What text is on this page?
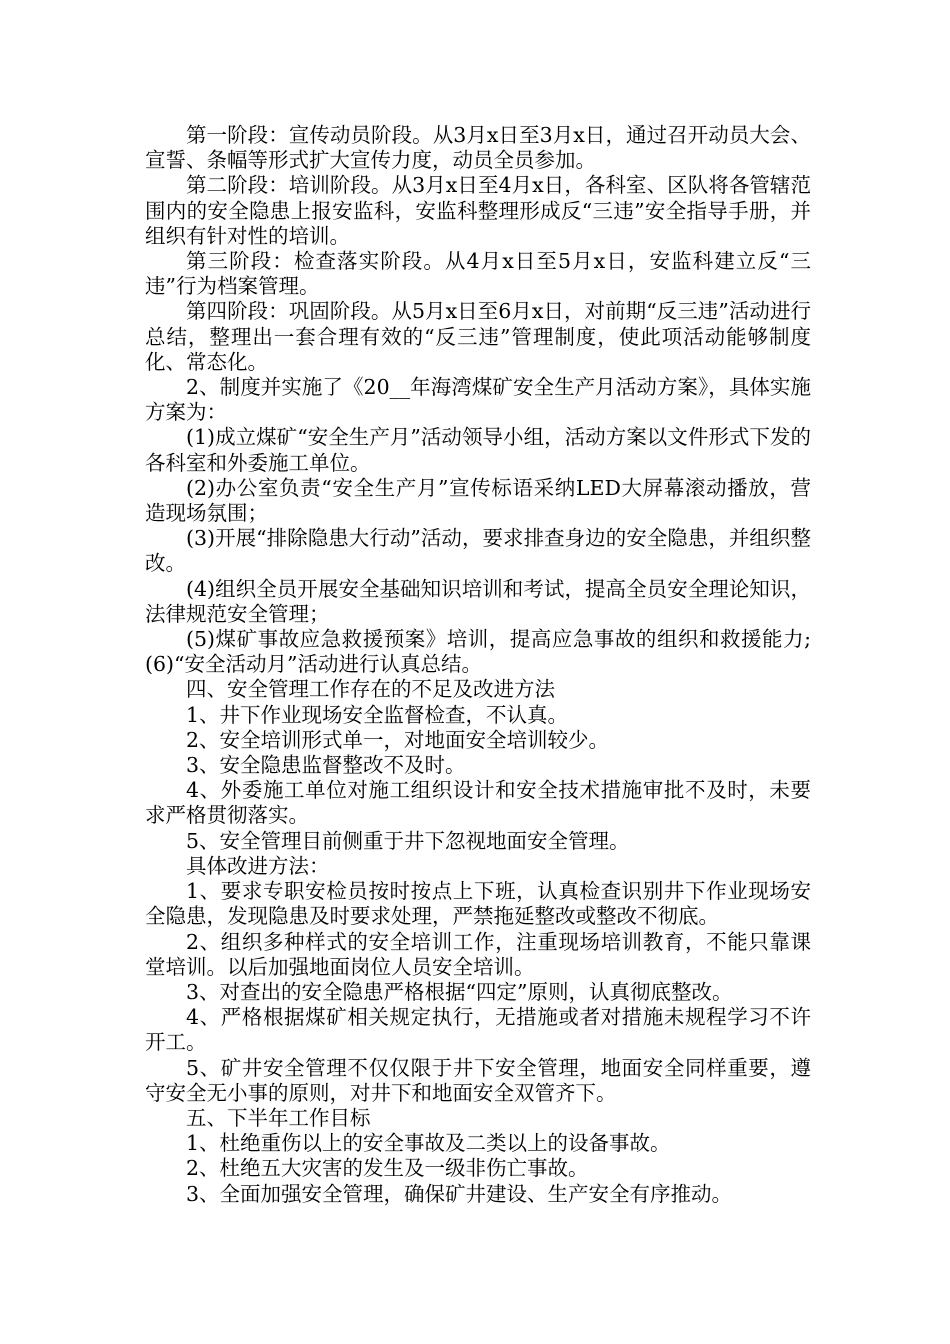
第一阶段：宣传动员阶段。从3月x日至3月x日，通过召开动员大会、宣誓、条幅等形式扩大宣传力度，动员全员参加。

第二阶段：培训阶段。从3月x日至4月x日，各科室、区队将各管辖范围内的安全隐患上报安监科，安监科整理形成反“三违”安全指导手册，并组织有针对性的培训。

第三阶段：检查落实阶段。从4月x日至5月x日，安监科建立反“三违”行为档案管理。

第四阶段：巩固阶段。从5月x日至6月x日，对前期“反三违”活动进行总结，整理出一套合理有效的“反三违”管理制度，使此项活动能够制度化、常态化。

2、制度并实施了《20__年海湾煤矿安全生产月活动方案》，具体实施方案为：

(1)成立煤矿“安全生产月”活动领导小组，活动方案以文件形式下发的各科室和外委施工单位。

(2)办公室负责“安全生产月”宣传标语采纳LED大屏幕滚动播放，营造现场氛围；

(3)开展“排除隐患大行动”活动，要求排查身边的安全隐患，并组织整改。

(4)组织全员开展安全基础知识培训和考试，提高全员安全理论知识，法律规范安全管理；

(5)煤矿事故应急救援预案》培训，提高应急事故的组织和救援能力;(6)“安全活动月”活动进行认真总结。

四、安全管理工作存在的不足及改进方法

1、井下作业现场安全监督检查，不认真。

2、安全培训形式单一，对地面安全培训较少。

3、安全隐患监督整改不及时。

4、外委施工单位对施工组织设计和安全技术措施审批不及时，未要求严格贯彻落实。

5、安全管理目前侧重于井下忽视地面安全管理。

具体改进方法：

1、要求专职安检员按时按点上下班，认真检查识别井下作业现场安全隐患，发现隐患及时要求处理，严禁拖延整改或整改不彻底。

2、组织多种样式的安全培训工作，注重现场培训教育，不能只靠课堂培训。以后加强地面岗位人员安全培训。

3、对查出的安全隐患严格根据“四定”原则，认真彻底整改。

4、严格根据煤矿相关规定执行，无措施或者对措施未规程学习不许开工。

5、矿井安全管理不仅仅限于井下安全管理，地面安全同样重要，遵守安全无小事的原则，对井下和地面安全双管齐下。

五、下半年工作目标

1、杜绝重伤以上的安全事故及二类以上的设备事故。

2、杜绝五大灾害的发生及一级非伤亡事故。

3、全面加强安全管理，确保矿井建设、生产安全有序推动。
